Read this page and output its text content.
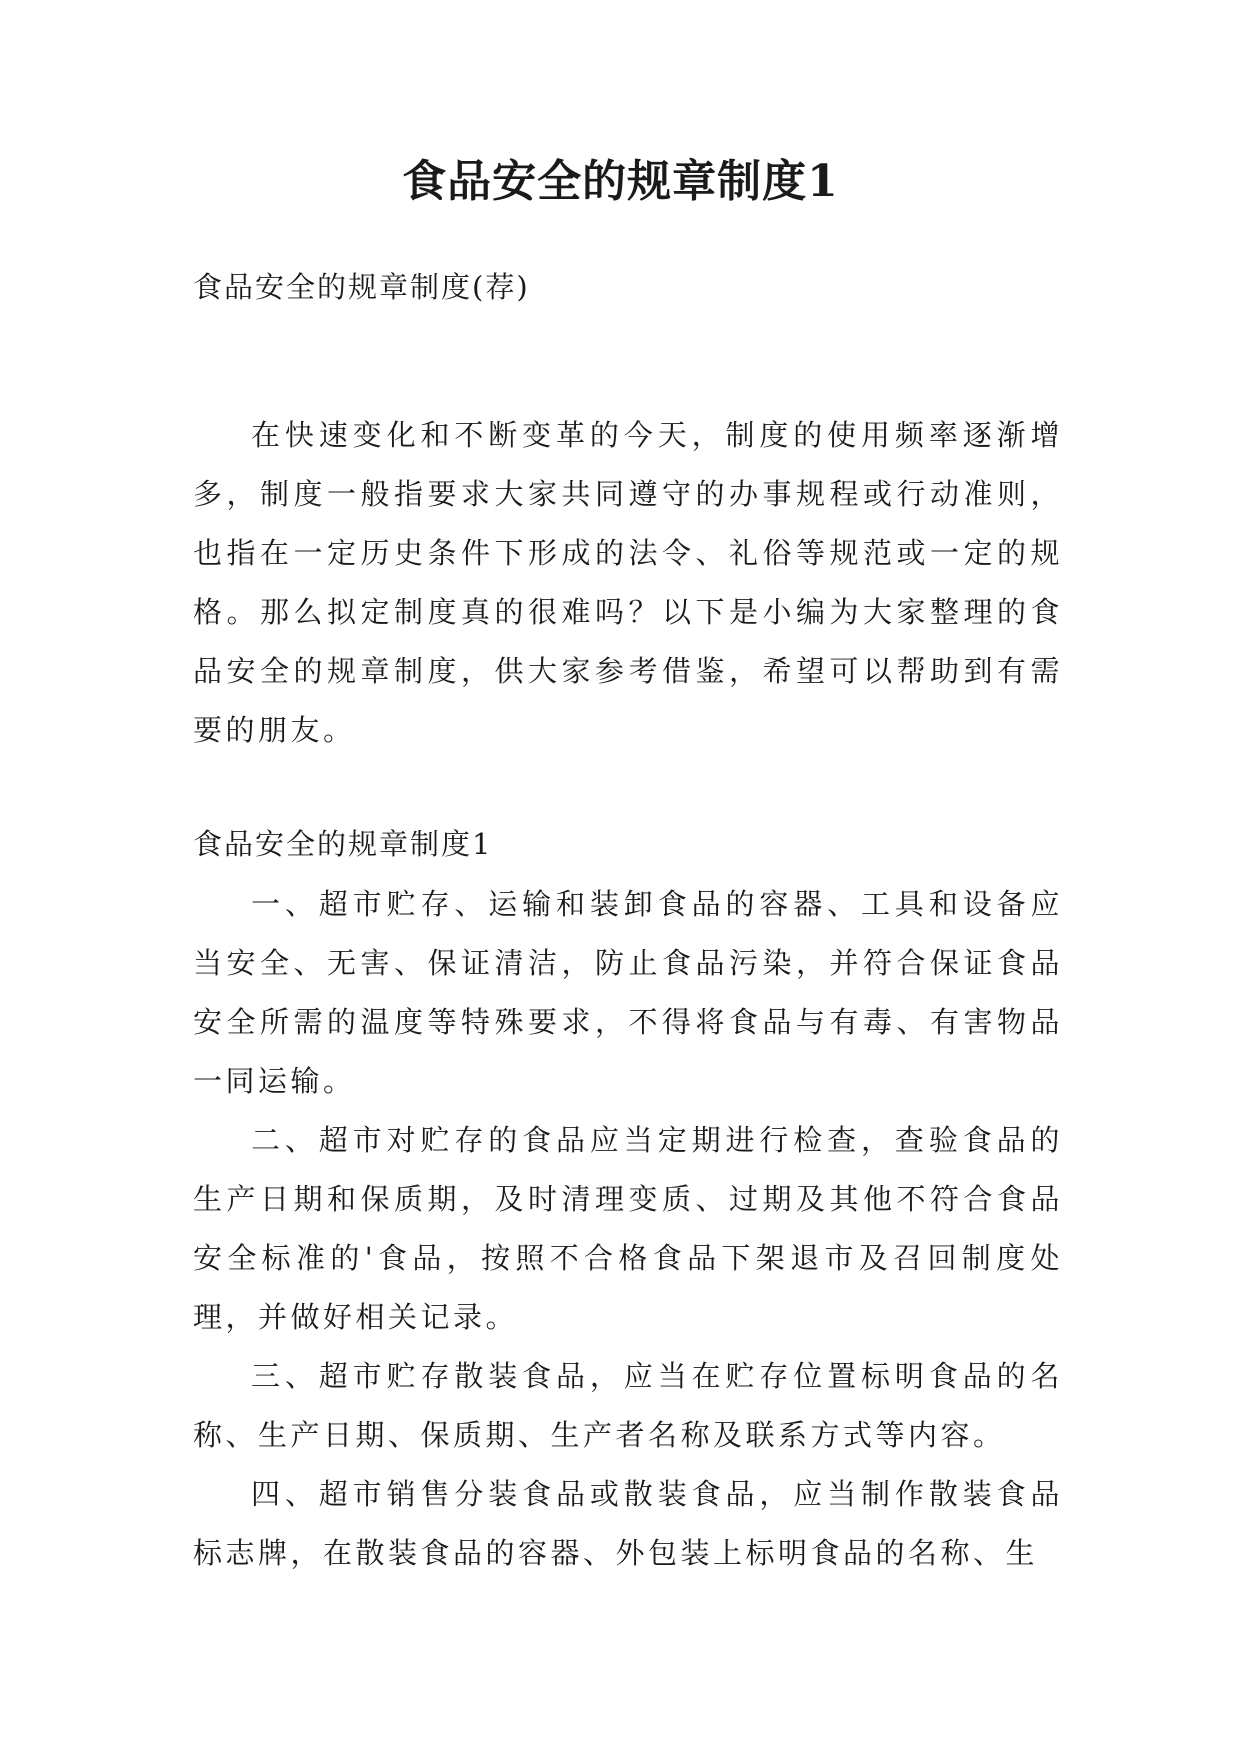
食品安全的规章制度1
食品安全的规章制度(荐)

在快速变化和不断变革的今天，制度的使用频率逐渐增多，制度一般指要求大家共同遵守的办事规程或行动准则，也指在一定历史条件下形成的法令、礼俗等规范或一定的规格。那么拟定制度真的很难吗？以下是小编为大家整理的食品安全的规章制度，供大家参考借鉴，希望可以帮助到有需要的朋友。

食品安全的规章制度1

一、超市贮存、运输和装卸食品的容器、工具和设备应当安全、无害、保证清洁，防止食品污染，并符合保证食品安全所需的温度等特殊要求，不得将食品与有毒、有害物品一同运输。

二、超市对贮存的食品应当定期进行检查，查验食品的生产日期和保质期，及时清理变质、过期及其他不符合食品安全标准的'食品，按照不合格食品下架退市及召回制度处理，并做好相关记录。

三、超市贮存散装食品，应当在贮存位置标明食品的名称、生产日期、保质期、生产者名称及联系方式等内容。

四、超市销售分装食品或散装食品，应当制作散装食品标志牌，在散装食品的容器、外包装上标明食品的名称、生
